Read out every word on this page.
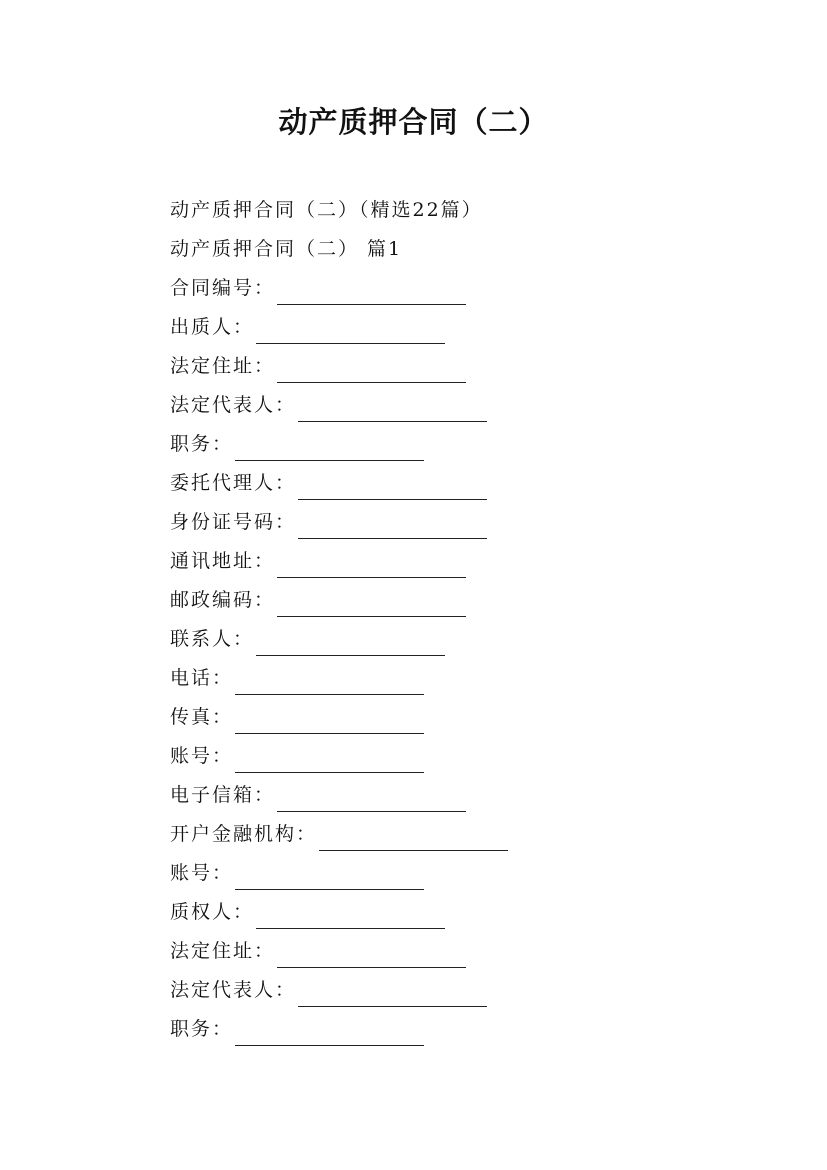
动产质押合同（二）
动产质押合同（二）（精选22篇）
动产质押合同（二） 篇1
合同编号：
出质人：
法定住址：
法定代表人：
职务：
委托代理人：
身份证号码：
通讯地址：
邮政编码：
联系人：
电话：
传真：
账号：
电子信箱：
开户金融机构：
账号：
质权人：
法定住址：
法定代表人：
职务：
